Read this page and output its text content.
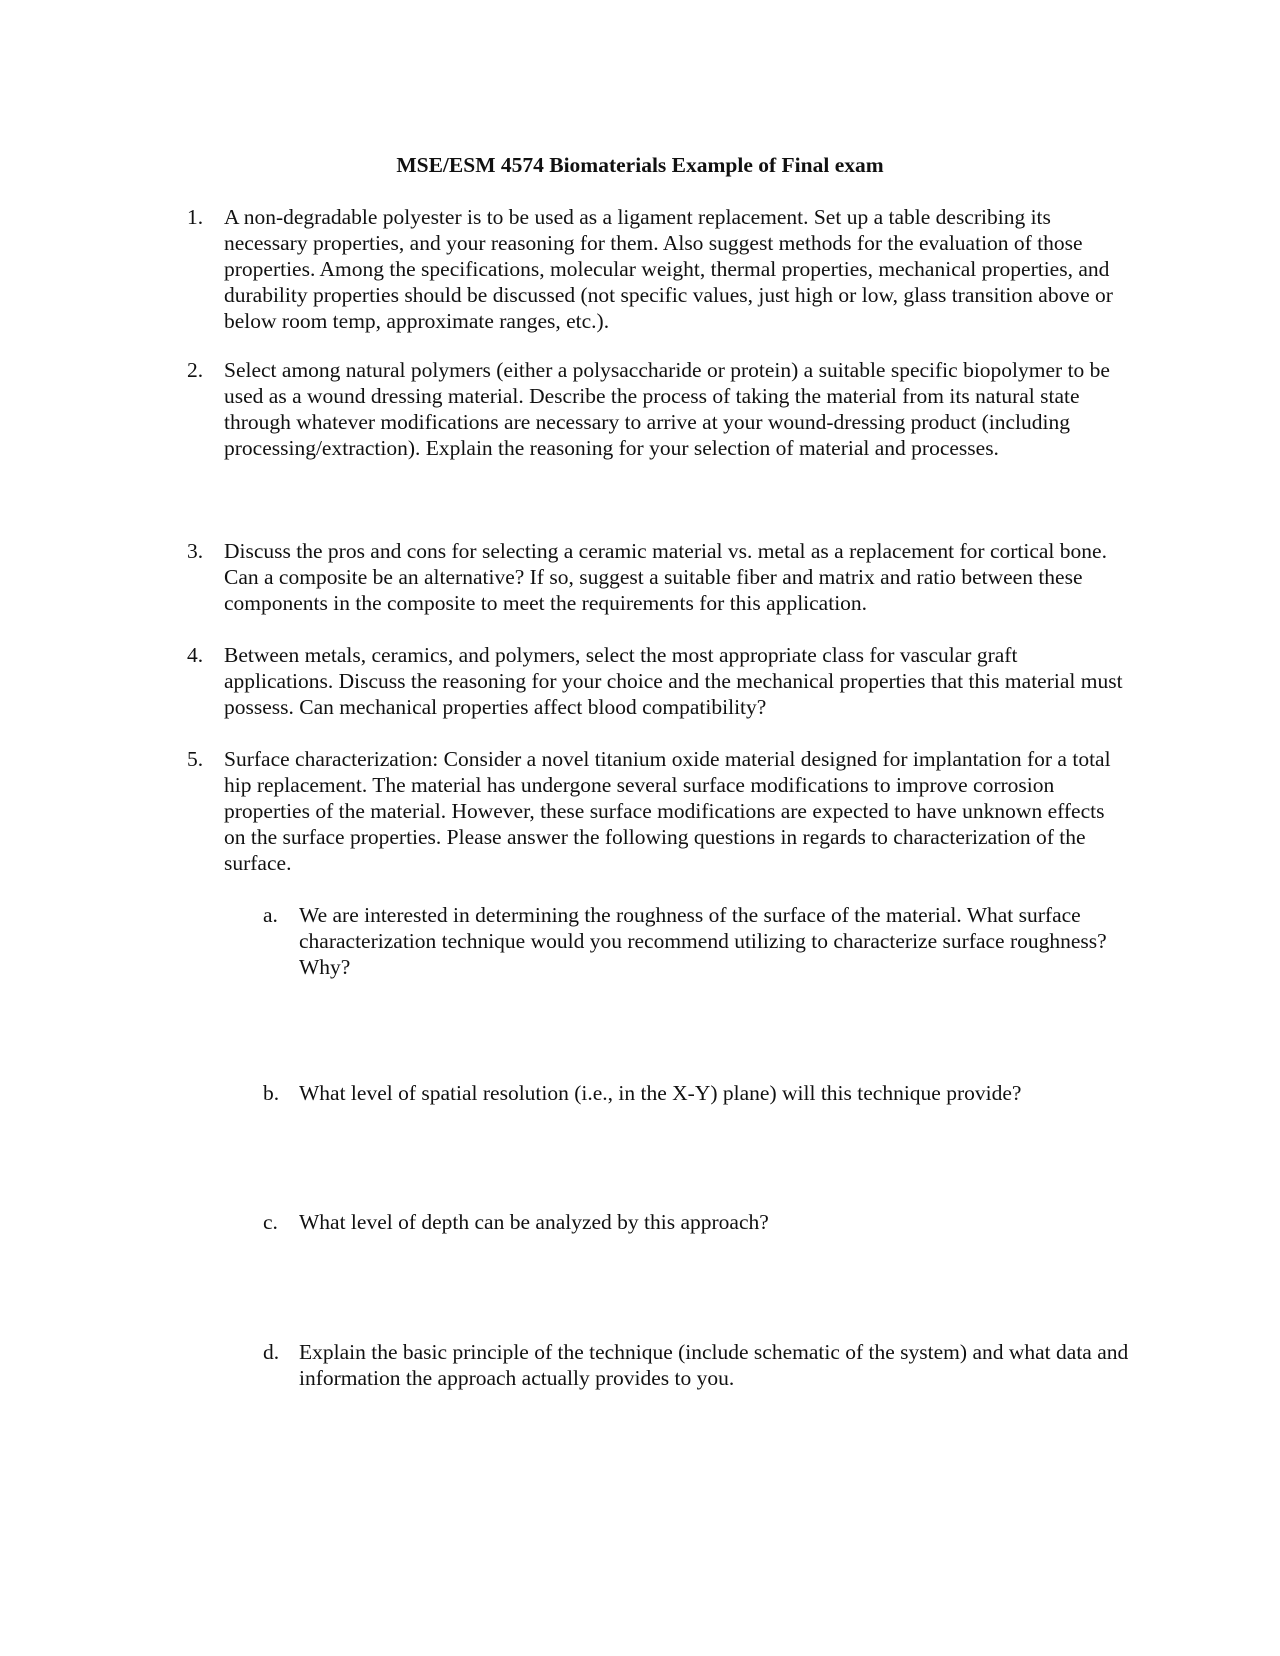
MSE/ESM 4574 Biomaterials Example of Final exam
1. A non-degradable polyester is to be used as a ligament replacement. Set up a table describing its necessary properties, and your reasoning for them. Also suggest methods for the evaluation of those properties. Among the specifications, molecular weight, thermal properties, mechanical properties, and durability properties should be discussed (not specific values, just high or low, glass transition above or below room temp, approximate ranges, etc.).
2. Select among natural polymers (either a polysaccharide or protein) a suitable specific biopolymer to be used as a wound dressing material. Describe the process of taking the material from its natural state through whatever modifications are necessary to arrive at your wound-dressing product (including processing/extraction). Explain the reasoning for your selection of material and processes.
3. Discuss the pros and cons for selecting a ceramic material vs. metal as a replacement for cortical bone. Can a composite be an alternative? If so, suggest a suitable fiber and matrix and ratio between these components in the composite to meet the requirements for this application.
4. Between metals, ceramics, and polymers, select the most appropriate class for vascular graft applications. Discuss the reasoning for your choice and the mechanical properties that this material must possess. Can mechanical properties affect blood compatibility?
5. Surface characterization: Consider a novel titanium oxide material designed for implantation for a total hip replacement. The material has undergone several surface modifications to improve corrosion properties of the material. However, these surface modifications are expected to have unknown effects on the surface properties. Please answer the following questions in regards to characterization of the surface.
a. We are interested in determining the roughness of the surface of the material. What surface characterization technique would you recommend utilizing to characterize surface roughness? Why?
b. What level of spatial resolution (i.e., in the X-Y) plane) will this technique provide?
c. What level of depth can be analyzed by this approach?
d. Explain the basic principle of the technique (include schematic of the system) and what data and information the approach actually provides to you.
